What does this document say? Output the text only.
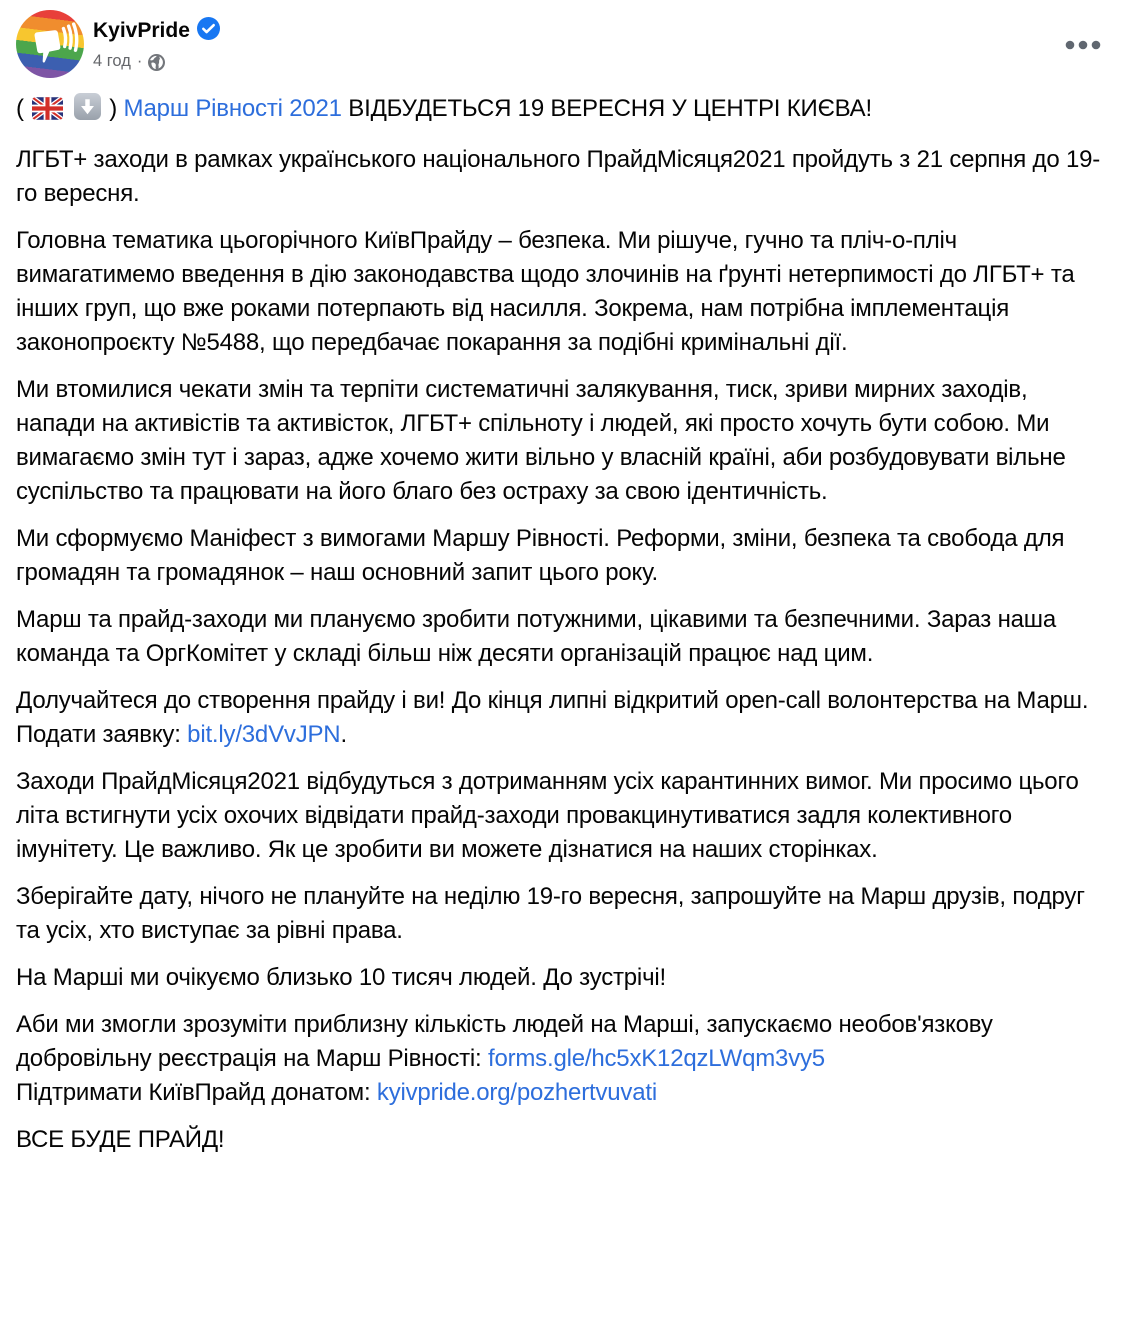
KyivPride
4 год ·

(	) Марш Рівності 2021 ВІДБУДЕТЬСЯ 19 ВЕРЕСНЯ У ЦЕНТРІ КИЄВА!

ЛГБТ+ заходи в рамках українського національного ПрайдМісяця2021 пройдуть з 21 серпня до 19-го вересня.

Головна тематика цьогорічного КиївПрайду – безпека. Ми рішуче, гучно та пліч-о-пліч вимагатимемо введення в дію законодавства щодо злочинів на ґрунті нетерпимості до ЛГБТ+ та інших груп, що вже роками потерпають від насилля. Зокрема, нам потрібна імплементація законопроєкту №5488, що передбачає покарання за подібні кримінальні дії.

Ми втомилися чекати змін та терпіти систематичні залякування, тиск, зриви мирних заходів, напади на активістів та активісток, ЛГБТ+ спільноту і людей, які просто хочуть бути собою. Ми вимагаємо змін тут і зараз, адже хочемо жити вільно у власній країні, аби розбудовувати вільне суспільство та працювати на його благо без остраху за свою ідентичність.

Ми сформуємо Маніфест з вимогами Маршу Рівності. Реформи, зміни, безпека та свобода для громадян та громадянок – наш основний запит цього року.

Марш та прайд-заходи ми плануємо зробити потужними, цікавими та безпечними. Зараз наша команда та ОргКомітет у складі більш ніж десяти організацій працює над цим.

Долучайтеся до створення прайду і ви! До кінця липні відкритий open-call волонтерства на Марш. Подати заявку: bit.ly/3dVvJPN.

Заходи ПрайдМісяця2021 відбудуться з дотриманням усіх карантинних вимог. Ми просимо цього літа встигнути усіх охочих відвідати прайд-заходи провакцинутиватися задля колективного імунітету. Це важливо. Як це зробити ви можете дізнатися на наших сторінках.

Зберігайте дату, нічого не плануйте на неділю 19-го вересня, запрошуйте на Марш друзів, подруг та усіх, хто виступає за рівні права.

На Марші ми очікуємо близько 10 тисяч людей. До зустрічі!

Аби ми змогли зрозуміти приблизну кількість людей на Марші, запускаємо необов'язкову добровільну реєстрація на Марш Рівності: forms.gle/hc5xK12qzLWqm3vy5
Підтримати КиївПрайд донатом: kyivpride.org/pozhertvuvati

ВСЕ БУДЕ ПРАЙД!
